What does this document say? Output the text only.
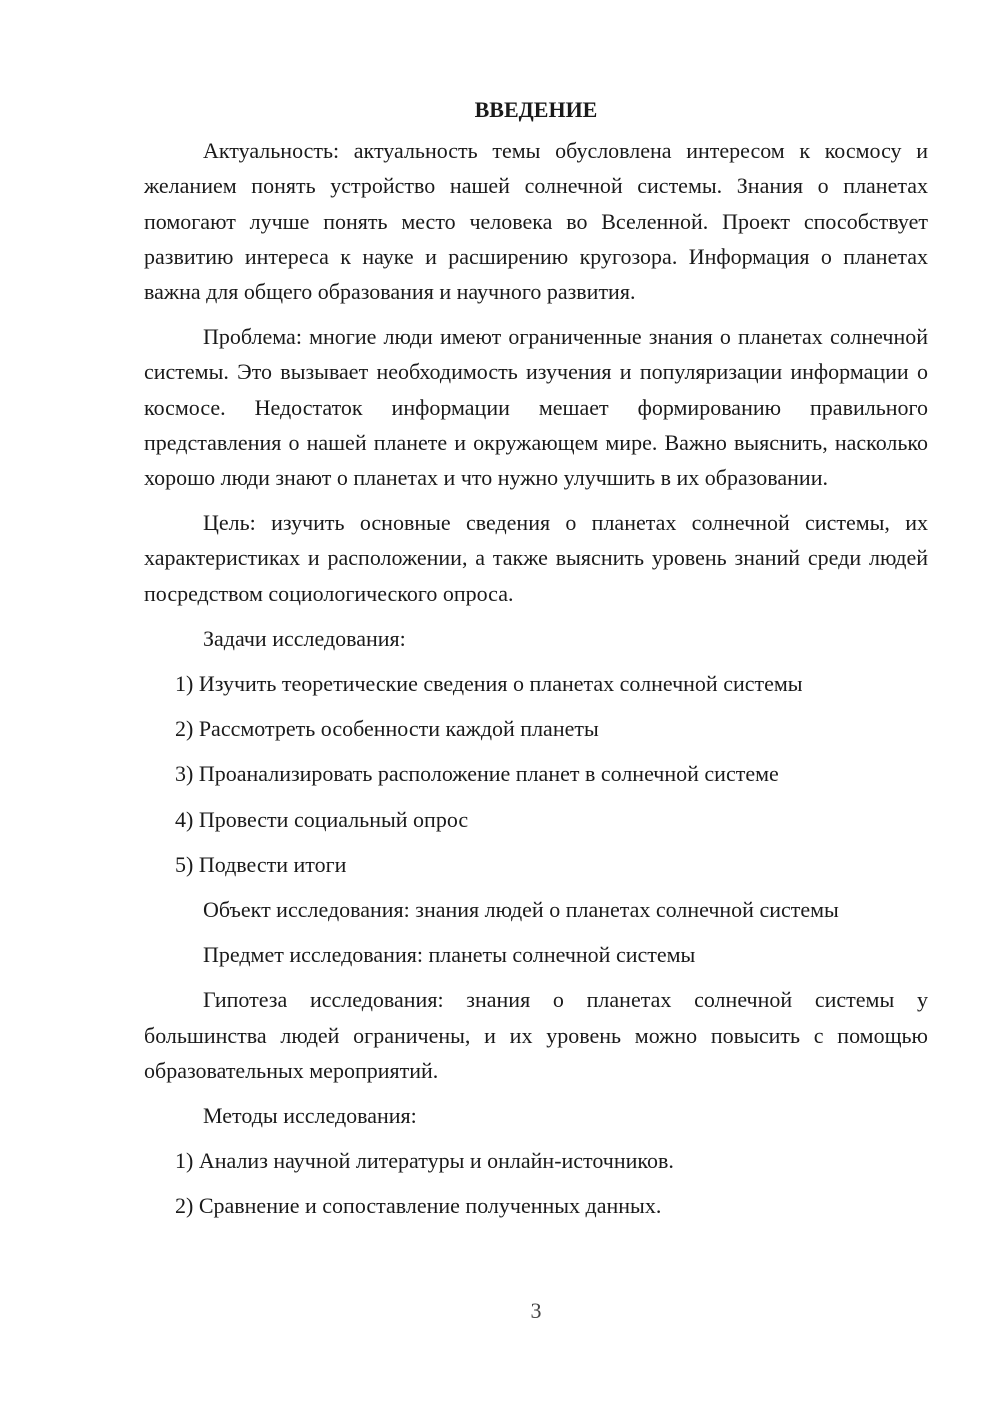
ВВЕДЕНИЕ

Актуальность: актуальность темы обусловлена интересом к космосу и желанием понять устройство нашей солнечной системы. Знания о планетах помогают лучше понять место человека во Вселенной. Проект способствует развитию интереса к науке и расширению кругозора. Информация о планетах важна для общего образования и научного развития.

Проблема: многие люди имеют ограниченные знания о планетах солнечной системы. Это вызывает необходимость изучения и популяризации информации о космосе. Недостаток информации мешает формированию правильного представления о нашей планете и окружающем мире. Важно выяснить, насколько хорошо люди знают о планетах и что нужно улучшить в их образовании.

Цель: изучить основные сведения о планетах солнечной системы, их характеристиках и расположении, а также выяснить уровень знаний среди людей посредством социологического опроса.

Задачи исследования:

1) Изучить теоретические сведения о планетах солнечной системы

2) Рассмотреть особенности каждой планеты

3) Проанализировать расположение планет в солнечной системе

4) Провести социальный опрос

5) Подвести итоги

Объект исследования: знания людей о планетах солнечной системы

Предмет исследования: планеты солнечной системы

Гипотеза исследования: знания о планетах солнечной системы у большинства людей ограничены, и их уровень можно повысить с помощью образовательных мероприятий.

Методы исследования:

1) Анализ научной литературы и онлайн-источников.

2) Сравнение и сопоставление полученных данных.

3
